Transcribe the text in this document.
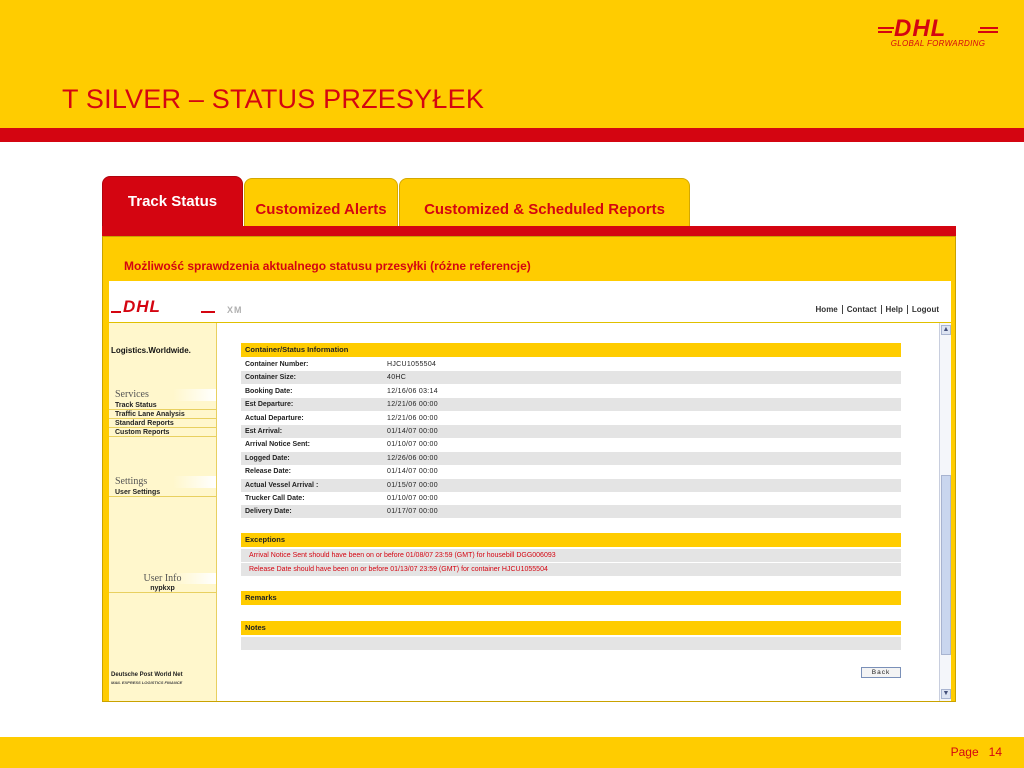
DHL
GLOBAL FORWARDING
T SILVER – STATUS PRZESYŁEK
Track Status	Customized Alerts	Customized & Scheduled Reports
Możliwość sprawdzenia aktualnego statusu przesyłki (różne referencje)
DHL	XM	Home Contact Help Logout
Logistics.Worldwide.
Services
Track Status
Traffic Lane Analysis
Standard Reports
Custom Reports
Settings
User Settings
User Info
nypkxp
Deutsche Post World Net
MAIL EXPRESS LOGISTICS FINANCE
Container/Status Information
Container Number:	HJCU1055504
Container Size:	40HC
Booking Date:	12/16/06 03:14
Est Departure:	12/21/06 00:00
Actual Departure:	12/21/06 00:00
Est Arrival:	01/14/07 00:00
Arrival Notice Sent:	01/10/07 00:00
Logged Date:	12/26/06 00:00
Release Date:	01/14/07 00:00
Actual Vessel Arrival :	01/15/07 00:00
Trucker Call Date:	01/10/07 00:00
Delivery Date:	01/17/07 00:00
Exceptions
Arrival Notice Sent should have been on or before 01/08/07 23:59 (GMT) for housebill DGG006093
Release Date should have been on or before 01/13/07 23:59 (GMT) for container HJCU1055504
Remarks
Notes
Back
▲
▼
Page 14
